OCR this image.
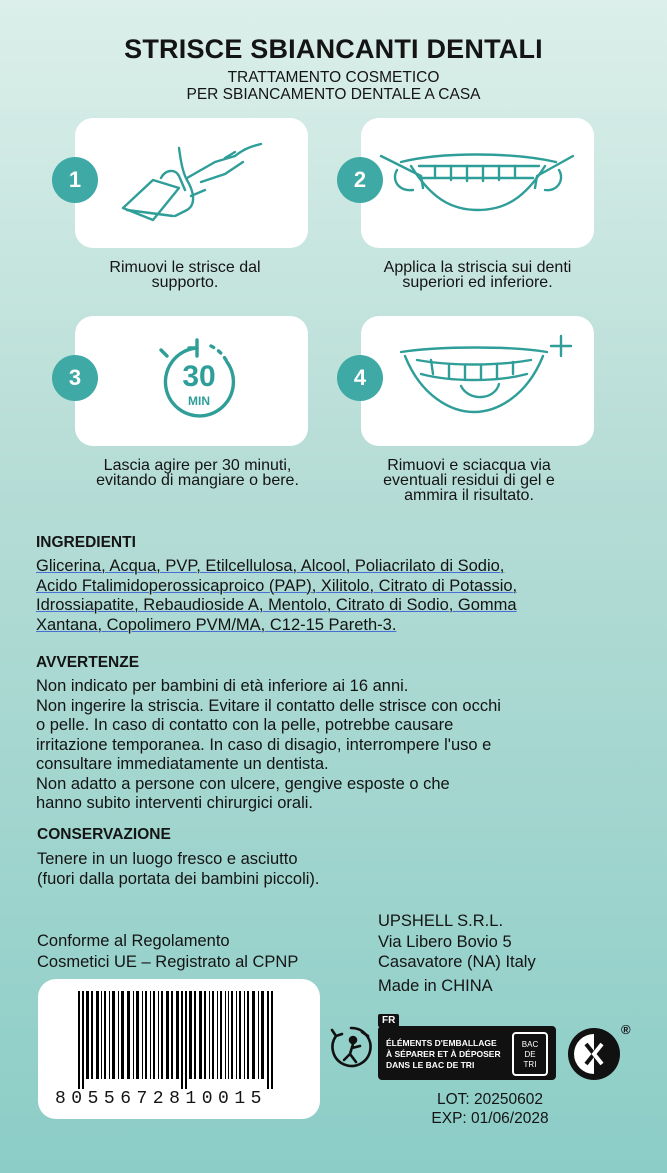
STRISCE SBIANCANTI DENTALI
TRATTAMENTO COSMETICO
PER SBIANCAMENTO DENTALE A CASA
1
Rimuovi le strisce dal
supporto.
2
Applica la striscia sui denti
superiori ed inferiore.
30
MIN
3
Lascia agire per 30 minuti,
evitando di mangiare o bere.
4
Rimuovi e sciacqua via
eventuali residui di gel e
ammira il risultato.
INGREDIENTI
Glicerina, Acqua, PVP, Etilcellulosa, Alcool, Poliacrilato di Sodio,
Acido Ftalimidoperossicaproico (PAP), Xilitolo, Citrato di Potassio,
Idrossiapatite, Rebaudioside A, Mentolo, Citrato di Sodio, Gomma
Xantana, Copolimero PVM/MA, C12-15 Pareth-3.
AVVERTENZE
Non indicato per bambini di età inferiore ai 16 anni.
Non ingerire la striscia. Evitare il contatto delle strisce con occhi
o pelle. In caso di contatto con la pelle, potrebbe causare
irritazione temporanea. In caso di disagio, interrompere l'uso e
consultare immediatamente un dentista.
Non adatto a persone con ulcere, gengive esposte o che
hanno subito interventi chirurgici orali.
CONSERVAZIONE
Tenere in un luogo fresco e asciutto
(fuori dalla portata dei bambini piccoli).
Conforme al Regolamento
Cosmetici UE – Registrato al CPNP
UPSHELL S.R.L.
Via Libero Bovio 5
Casavatore (NA) Italy
Made in CHINA
8055672810015
FR
ÉLÉMENTS D'EMBALLAGE
À SÉPARER ET À DÉPOSER
DANS LE BAC DE TRI
BAC
DE
TRI
®
LOT: 20250602
EXP: 01/06/2028
